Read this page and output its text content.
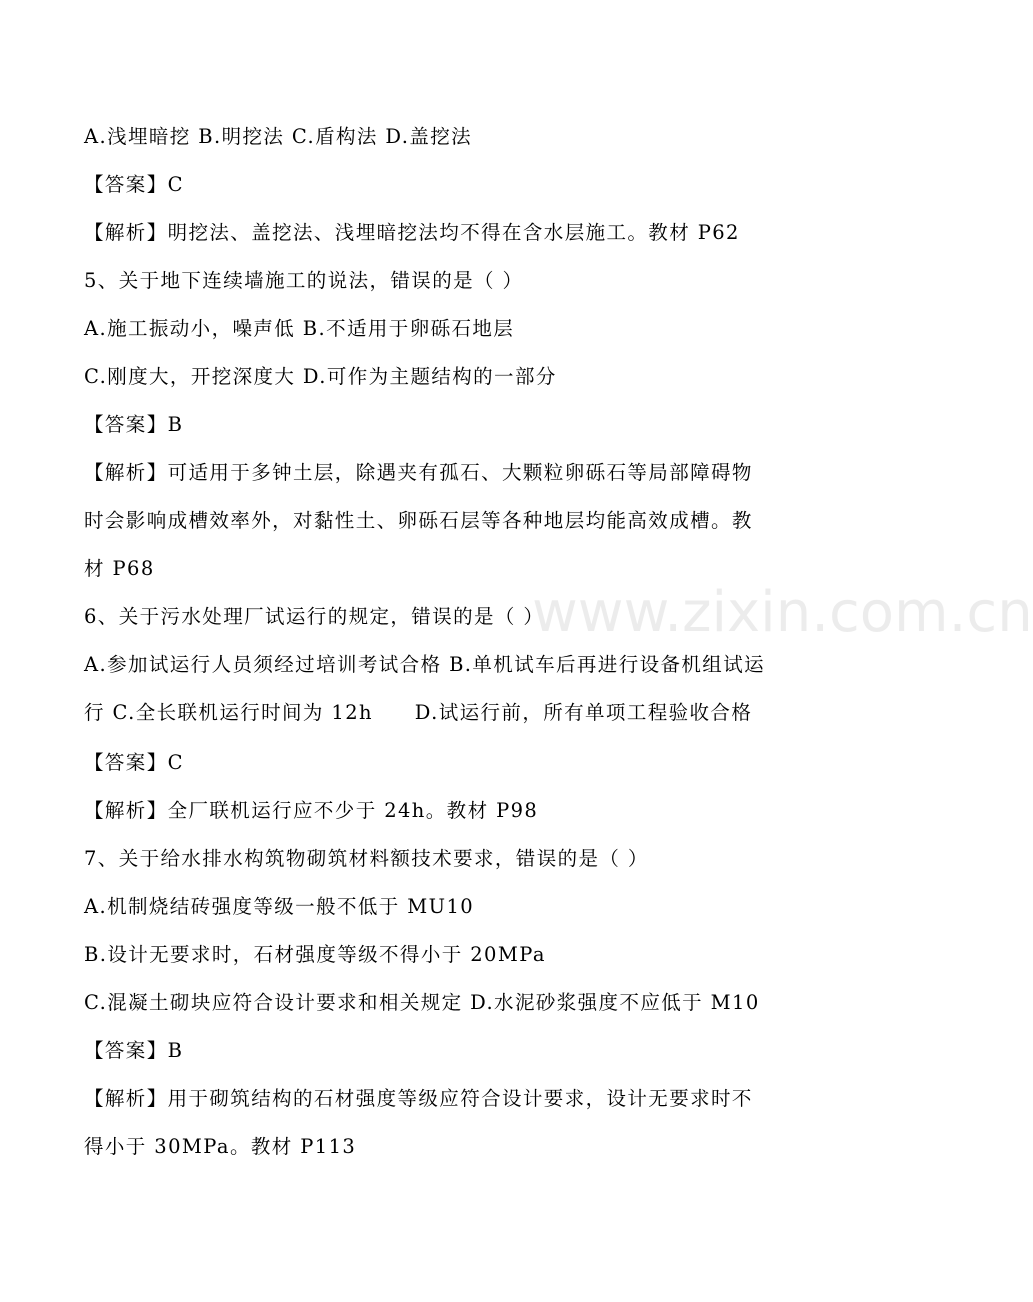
www.zixin.com.cn
A.浅埋暗挖 B.明挖法 C.盾构法 D.盖挖法
【答案】C
【解析】明挖法、盖挖法、浅埋暗挖法均不得在含水层施工。教材 P62
5、关于地下连续墙施工的说法，错误的是（ ）
A.施工振动小，噪声低 B.不适用于卵砾石地层
C.刚度大，开挖深度大 D.可作为主题结构的一部分
【答案】B
【解析】可适用于多钟土层，除遇夹有孤石、大颗粒卵砾石等局部障碍物
时会影响成槽效率外，对黏性土、卵砾石层等各种地层均能高效成槽。教
材 P68
6、关于污水处理厂试运行的规定，错误的是（ ）
A.参加试运行人员须经过培训考试合格 B.单机试车后再进行设备机组试运
行 C.全长联机运行时间为 12h　　D.试运行前，所有单项工程验收合格
【答案】C
【解析】全厂联机运行应不少于 24h。教材 P98
7、关于给水排水构筑物砌筑材料额技术要求，错误的是（ ）
A.机制烧结砖强度等级一般不低于 MU10
B.设计无要求时，石材强度等级不得小于 20MPa
C.混凝土砌块应符合设计要求和相关规定 D.水泥砂浆强度不应低于 M10
【答案】B
【解析】用于砌筑结构的石材强度等级应符合设计要求，设计无要求时不
得小于 30MPa。教材 P113
